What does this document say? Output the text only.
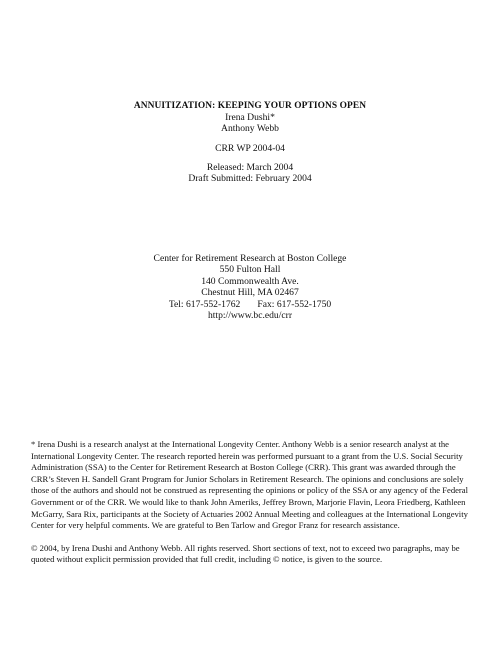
ANNUITIZATION: KEEPING YOUR OPTIONS OPEN
Irena Dushi*
Anthony Webb
CRR WP 2004-04
Released: March 2004
Draft Submitted: February 2004
Center for Retirement Research at Boston College
550 Fulton Hall
140 Commonwealth Ave.
Chestnut Hill, MA 02467
Tel: 617-552-1762 Fax: 617-552-1750
http://www.bc.edu/crr

* Irena Dushi is a research analyst at the International Longevity Center. Anthony Webb is a senior research analyst at the International Longevity Center. The research reported herein was performed pursuant to a grant from the U.S. Social Security Administration (SSA) to the Center for Retirement Research at Boston College (CRR). This grant was awarded through the CRR’s Steven H. Sandell Grant Program for Junior Scholars in Retirement Research. The opinions and conclusions are solely those of the authors and should not be construed as representing the opinions or policy of the SSA or any agency of the Federal Government or of the CRR. We would like to thank John Ameriks, Jeffrey Brown, Marjorie Flavin, Leora Friedberg, Kathleen McGarry, Sara Rix, participants at the Society of Actuaries 2002 Annual Meeting and colleagues at the International Longevity Center for very helpful comments. We are grateful to Ben Tarlow and Gregor Franz for research assistance.

© 2004, by Irena Dushi and Anthony Webb. All rights reserved. Short sections of text, not to exceed two paragraphs, may be quoted without explicit permission provided that full credit, including © notice, is given to the source.
